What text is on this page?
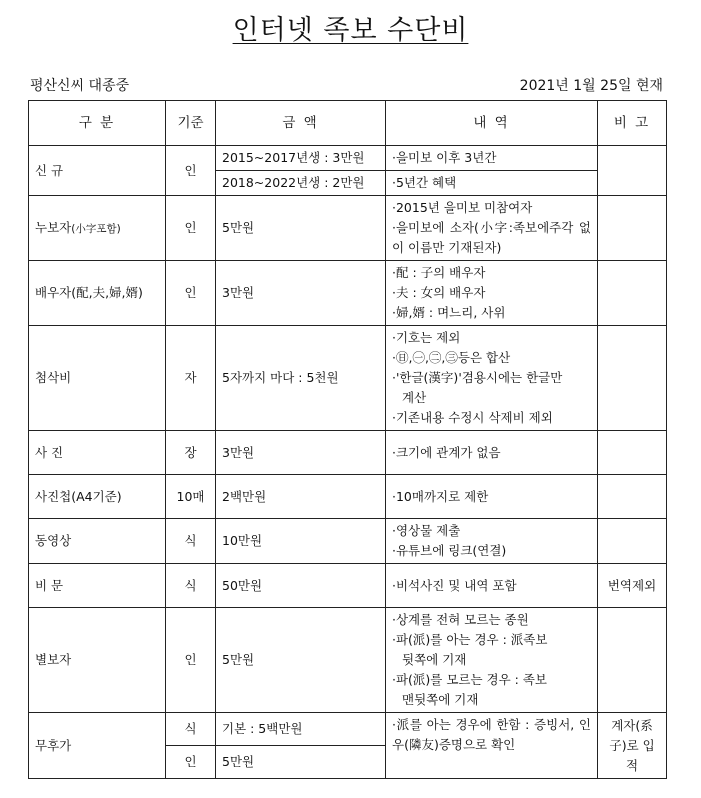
인터넷 족보 수단비
평산신씨 대종중	2021년 1월 25일 현재
구 분	기준	금 액	내 역	비 고
신 규	인	2015~2017년생 : 3만원	·을미보 이후 3년간	
		2018~2022년생 : 2만원	·5년간 혜택	
누보자(小字포함)	인	5만원	·2015년 을미보 미참여자
·을미보에 소자(小字:족보에주각 없이 이름만 기재된자)	

배우자(配,夫,婦,婿)	인	3만원	·配 : 子의 배우자
·夫 : 女의 배우자
·婦,婿 : 며느리, 사위	

첨삭비	자	5자까지 마다 : 5천원	·기호는 제외
·㊐,㊀,㊁,㊂등은 합산
·'한글(漢字)'겸용시에는 한글만
계산
·기존내용 수정시 삭제비 제외	

사 진	장	3만원	·크기에 관계가 없음	
사진첩(A4기준)	10매	2백만원	·10매까지로 제한	
동영상	식	10만원	·영상물 제출
·유튜브에 링크(연결)	

비 문	식	50만원	·비석사진 및 내역 포함	번역제외
별보자	인	5만원	·상계를 전혀 모르는 종원
·파(派)를 아는 경우 : 派족보
뒷쪽에 기재
·파(派)를 모르는 경우 : 족보
맨뒷쪽에 기재	

무후가	식	기본 : 5백만원	·派를 아는 경우에 한함 : 증빙서, 인우(隣友)증명으로 확인	계자(系子)로 입적
	인	5만원		
